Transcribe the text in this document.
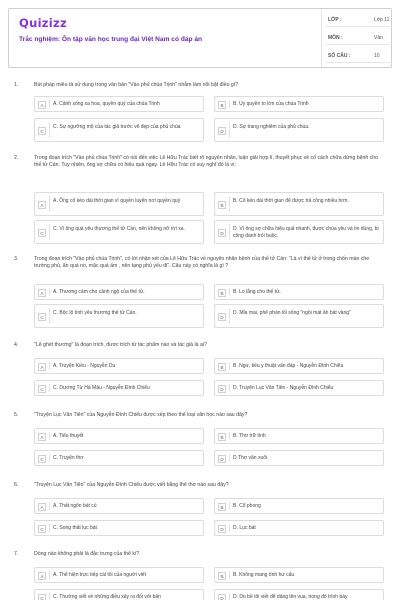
Quizizz
Trắc nghiệm: Ôn tập văn học trung đại Việt Nam có đáp án
LỚP :	Lớp 11
MÔN :	Văn
SỐ CÂU :	10
1.	Bút pháp miêu tả sử dụng trong văn bản "Vào phủ chúa Trịnh" nhằm làm nổi bật điều gì?
A	A. Cảnh sống xa hoa, quyền quý của chúa Trịnh	B	B. Uy quyền to lớn của chúa Trịnh
C
C. Sự ngưỡng mộ của tác giả trước vẻ đẹp của phủ chúa
D
D. Sự trang nghiêm của phủ chúa.
2.	Trong đoạn trích "Vào phủ chúa Trịnh" có nói đến việc Lê Hữu Trác biết rõ nguyên nhân, luận giải hợp lí, thuyết phục về cố cách chữa dứng bệnh cho thế tử Cán. Tuy nhiên, ông sợ chữa có hiệu quả ngay. Lê Hữu Trác có suy nghĩ đó là vì:
A
A. Ông cố kéo dài thời gian vì quyền luyến nơi quyền quý
B
B. Cố kéo dài thời gian để được trả công nhiều hơn.
C
C. Vì ông quá yêu thương thế tử Cán, nên không nỡ rời xa.
D
D. Vì ông sợ chữa hiệu quả nhanh, được chúa yêu và tin dùng, bị công danh trói buộc.
3.	Trong đoạn trích "Vào phủ chúa Trịnh", có lời nhận xét của Lê Hữu Trác về nguyên nhân bệnh của thế tử Cán: "Là vì thế tử ở trong chốn màn che trướng phủ, ăn quá no, mặc quá ấm , nên tạng phủ yếu đi". Câu này có nghĩa là gì ?
A	A. Thương cảm cho cảnh ngộ của thế tử.	B	B. Lo lắng cho thế tử.
C
C. Bộc lộ tình yêu thương thế tử Cán.
D
D. Mỉa mai, phê phán lối sống "ngồi mát ăn bát vàng"
4.	"Lẽ ghét thương" là đoạn trích, được trích từ tác phẩm nào và tác giả là ai?
A	A. Truyện Kiều - Nguyễn Du	B	B. Ngư, tiều y thuật vấn đáp - Nguyễn Đình Chiểu
C	C. Dương Từ Hà Mậu - Nguyễn Đình Chiểu	D	D. Truyện Lục Vân Tiên - Nguyễn Đình Chiểu
5.	"Truyện Lục Vân Tiên" của Nguyễn Đình Chiểu được xếp theo thể loại văn học nào sau đây?
A	A. Tiểu thuyết	B	B. Thơ trữ tình
C	C. Truyện thơ	D	D.Thơ văn xuôi
6.	"Truyện Lục Vân Tiên" của Nguyễn Đình Chiểu được viết bằng thể thơ nào sau đây?
A	A. Thất ngôn bát cú	B	B. Cổ phong
C	C. Song thất lục bát	D	D. Lục bát
7.	Dòng nào không phải là đặc trưng của thể kí?
A	A. Thể hiện trực tiếp cái tôi của người viết	B	B. Không mang tính hư cấu
C	C. Thường viết về những điều xảy ra đối với bản	D	D. Do bề tôi viết để dâng lên vua, trong đó trình bày
